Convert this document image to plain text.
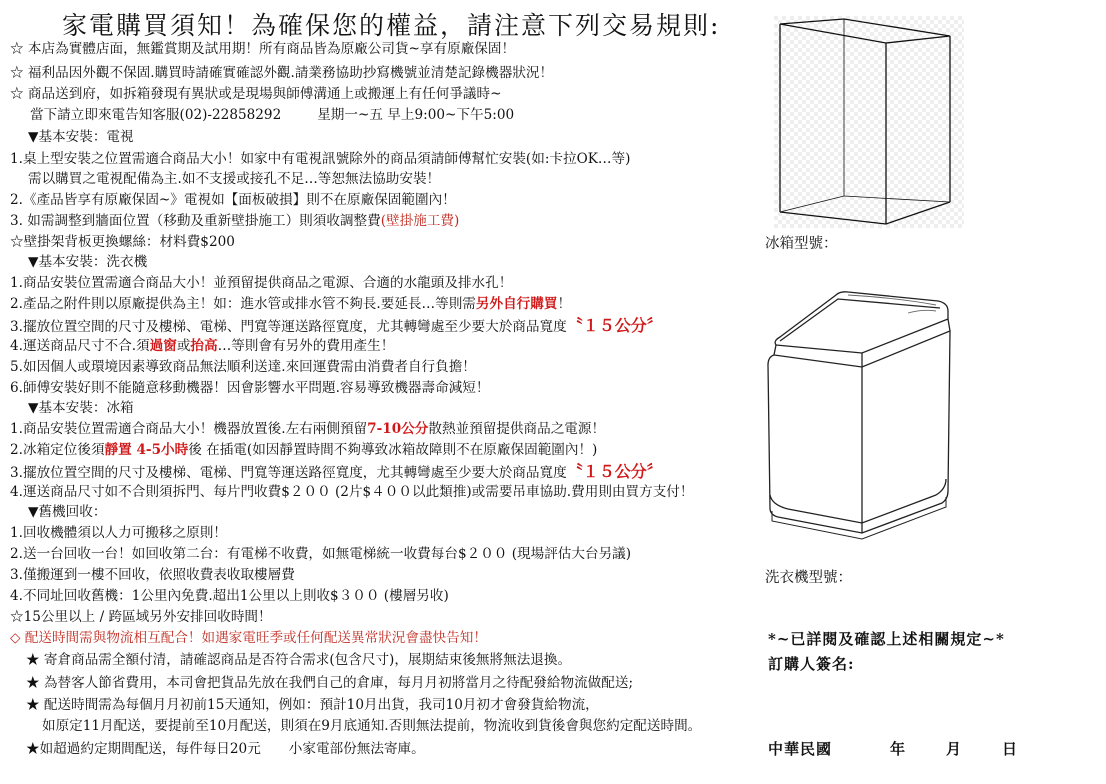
家電購買須知！為確保您的權益，請注意下列交易規則:
☆ 本店為實體店面，無鑑賞期及試用期！所有商品皆為原廠公司貨~享有原廠保固！
☆ 福利品因外觀不保固.購買時請確實確認外觀.請業務協助抄寫機號並清楚記錄機器狀況！
☆ 商品送到府，如拆箱發現有異狀或是現場與師傅溝通上或搬運上有任何爭議時~
當下請立即來電告知客服(02)-22858292	星期一~五 早上9:00~下午5:00
▼基本安裝：電視
1.桌上型安裝之位置需適合商品大小！如家中有電視訊號除外的商品須請師傅幫忙安裝(如:卡拉OK…等)
需以購買之電視配備為主.如不支援或接孔不足…等恕無法協助安裝！
2.《產品皆享有原廠保固~》電視如【面板破損】則不在原廠保固範圍內！
3. 如需調整到牆面位置（移動及重新壁掛施工）則須收調整費(壁掛施工費)
☆壁掛架背板更換螺絲：材料費$200
▼基本安裝：洗衣機
1.商品安裝位置需適合商品大小！並預留提供商品之電源、合適的水龍頭及排水孔！
2.產品之附件則以原廠提供為主！如：進水管或排水管不夠長.要延長…等則需另外自行購買！
3.擺放位置空間的尺寸及樓梯、電梯、門寬等運送路徑寬度，尤其轉彎處至少要大於商品寬度〝１５公分〞
4.運送商品尺寸不合.須過窗或抬高…等則會有另外的費用產生！
5.如因個人或環境因素導致商品無法順利送達.來回運費需由消費者自行負擔！
6.師傅安裝好則不能隨意移動機器！因會影響水平問題.容易導致機器壽命減短！
▼基本安裝：冰箱
1.商品安裝位置需適合商品大小！機器放置後.左右兩側預留7-10公分散熱並預留提供商品之電源！
2.冰箱定位後須靜置 4-5小時後 在插電(如因靜置時間不夠導致冰箱故障則不在原廠保固範圍內！)
3.擺放位置空間的尺寸及樓梯、電梯、門寬等運送路徑寬度，尤其轉彎處至少要大於商品寬度〝１５公分〞
4.運送商品尺寸如不合則須拆門、每片門收費$２００ (2片$４００以此類推)或需要吊車協助.費用則由買方支付！
▼舊機回收：
1.回收機體須以人力可搬移之原則！
2.送一台回收一台！如回收第二台：有電梯不收費，如無電梯統一收費每台$２００ (現場評估大台另議)
3.僅搬運到一樓不回收，依照收費表收取樓層費
4.不同址回收舊機：1公里內免費.超出1公里以上則收$３００ (樓層另收)
☆15公里以上 / 跨區域另外安排回收時間！
◇ 配送時間需與物流相互配合！如遇家電旺季或任何配送異常狀況會盡快告知！
★ 寄倉商品需全額付清，請確認商品是否符合需求(包含尺寸)，展期結束後無將無法退換。
★ 為替客人節省費用，本司會把貨品先放在我們自己的倉庫，每月月初將當月之待配發給物流做配送;
★ 配送時間需為每個月月初前15天通知，例如：預計10月出貨，我司10月初才會發貨給物流，
如原定11月配送，要提前至10月配送，則須在9月底通知.否則無法提前，物流收到貨後會與您約定配送時間。
★如超過約定期間配送，每件每日20元 小家電部份無法寄庫。
冰箱型號：
洗衣機型號：
*~已詳閱及確認上述相關規定~*
訂購人簽名:
中華民國	年	月	日
